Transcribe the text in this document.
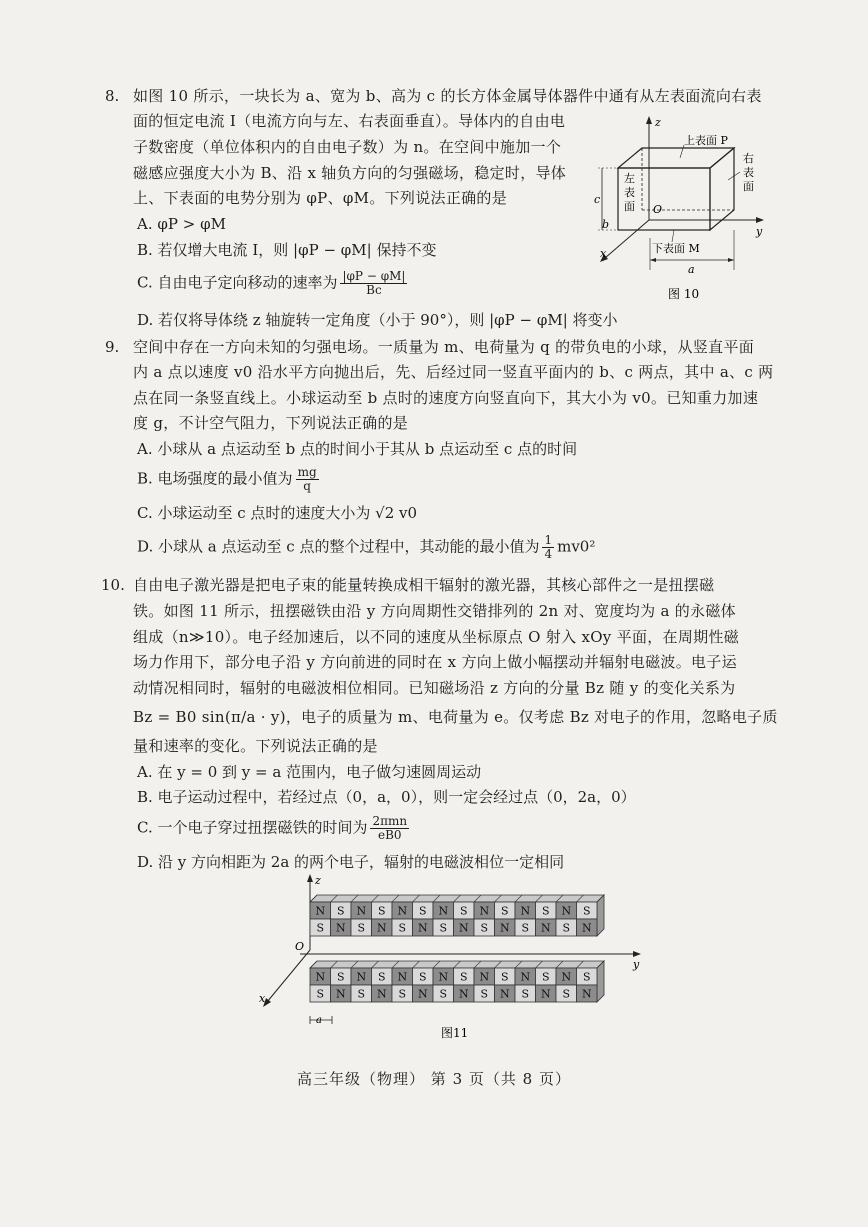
8. 如图 10 所示，一块长为 a、宽为 b、高为 c 的长方体金属导体器件中通有从左表面流向右表
面的恒定电流 I（电流方向与左、右表面垂直）。导体内的自由电
子数密度（单位体积内的自由电子数）为 n。在空间中施加一个
磁感应强度大小为 B、沿 x 轴负方向的匀强磁场，稳定时，导体
上、下表面的电势分别为 φP、φM。下列说法正确的是
A. φP > φM
B. 若仅增大电流 I，则 |φP − φM| 保持不变
C. 自由电子定向移动的速率为 $\frac{|\varphi P - \varphi M|}{Bc}$
D. 若仅将导体绕 z 轴旋转一定角度（小于 90°），则 |φP − φM| 将变小
z
y
x
O
c
b
a
上表面 P
右
表
面
左
表
面
下表面 M
图 10
9. 空间中存在一方向未知的匀强电场。一质量为 m、电荷量为 q 的带负电的小球，从竖直平面
内 a 点以速度 v0 沿水平方向抛出后，先、后经过同一竖直平面内的 b、c 两点，其中 a、c 两
点在同一条竖直线上。小球运动至 b 点时的速度方向竖直向下，其大小为 v0。已知重力加速
度 g，不计空气阻力，下列说法正确的是
A. 小球从 a 点运动至 b 点的时间小于其从 b 点运动至 c 点的时间
B. 电场强度的最小值为 $\frac{mg}{q}$
C. 小球运动至 c 点时的速度大小为 √2 v0
D. 小球从 a 点运动至 c 点的整个过程中，其动能的最小值为 $\frac{1}{4} mv0^2$
10. 自由电子激光器是把电子束的能量转换成相干辐射的激光器，其核心部件之一是扭摆磁
铁。如图 11 所示，扭摆磁铁由沿 y 方向周期性交错排列的 2n 对、宽度均为 a 的永磁体
组成（n≫10）。电子经加速后，以不同的速度从坐标原点 O 射入 xOy 平面，在周期性磁
场力作用下，部分电子沿 y 方向前进的同时在 x 方向上做小幅摆动并辐射电磁波。电子运
动情况相同时，辐射的电磁波相位相同。已知磁场沿 z 方向的分量 Bz 随 y 的变化关系为
Bz = B0 sin(π/a · y)，电子的质量为 m、电荷量为 e。仅考虑 Bz 对电子的作用，忽略电子质
量和速率的变化。下列说法正确的是
A. 在 y = 0 到 y = a 范围内，电子做匀速圆周运动
B. 电子运动过程中，若经过点（0，a，0），则一定会经过点（0，2a，0）
C. 一个电子穿过扭摆磁铁的时间为 $\frac{\text{2πmn}}{eB0}$
D. 沿 y 方向相距为 2a 的两个电子，辐射的电磁波相位一定相同
z
y
x
O
N S N S N S N S N S N S N S
S N S N S N S N S N S N S N
N S N S N S N S N S N S N S
S N S N S N S N S N S N S N
a
图11
高三年级（物理） 第 3 页（共 8 页）
